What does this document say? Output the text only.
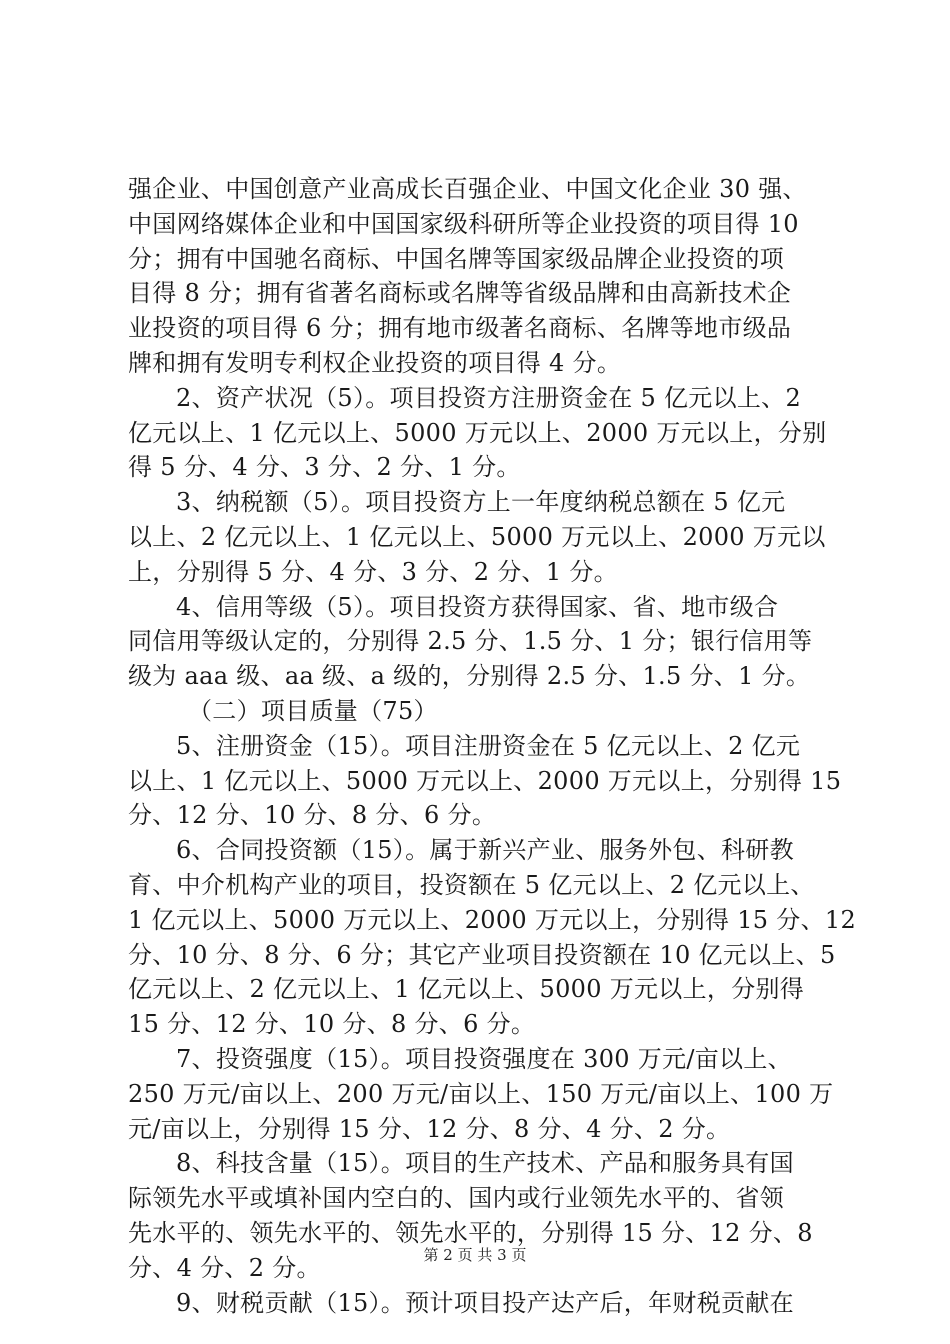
强企业、中国创意产业高成长百强企业、中国文化企业 30 强、
中国网络媒体企业和中国国家级科研所等企业投资的项目得 10
分；拥有中国驰名商标、中国名牌等国家级品牌企业投资的项
目得 8 分；拥有省著名商标或名牌等省级品牌和由高新技术企
业投资的项目得 6 分；拥有地市级著名商标、名牌等地市级品
牌和拥有发明专利权企业投资的项目得 4 分。
2、资产状况（5）。项目投资方注册资金在 5 亿元以上、2
亿元以上、1 亿元以上、5000 万元以上、2000 万元以上，分别
得 5 分、4 分、3 分、2 分、1 分。
3、纳税额（5）。项目投资方上一年度纳税总额在 5 亿元
以上、2 亿元以上、1 亿元以上、5000 万元以上、2000 万元以
上，分别得 5 分、4 分、3 分、2 分、1 分。
4、信用等级（5）。项目投资方获得国家、省、地市级合
同信用等级认定的，分别得 2.5 分、1.5 分、1 分；银行信用等
级为 aaa 级、aa 级、a 级的，分别得 2.5 分、1.5 分、1 分。
（二）项目质量（75）
5、注册资金（15）。项目注册资金在 5 亿元以上、2 亿元
以上、1 亿元以上、5000 万元以上、2000 万元以上，分别得 15
分、12 分、10 分、8 分、6 分。
6、合同投资额（15）。属于新兴产业、服务外包、科研教
育、中介机构产业的项目，投资额在 5 亿元以上、2 亿元以上、
1 亿元以上、5000 万元以上、2000 万元以上，分别得 15 分、12
分、10 分、8 分、6 分；其它产业项目投资额在 10 亿元以上、5
亿元以上、2 亿元以上、1 亿元以上、5000 万元以上，分别得
15 分、12 分、10 分、8 分、6 分。
7、投资强度（15）。项目投资强度在 300 万元/亩以上、
250 万元/亩以上、200 万元/亩以上、150 万元/亩以上、100 万
元/亩以上，分别得 15 分、12 分、8 分、4 分、2 分。
8、科技含量（15）。项目的生产技术、产品和服务具有国
际领先水平或填补国内空白的、国内或行业领先水平的、省领
先水平的、领先水平的、领先水平的，分别得 15 分、12 分、8
分、4 分、2 分。
9、财税贡献（15）。预计项目投产达产后，年财税贡献在
第 2 页 共 3 页
